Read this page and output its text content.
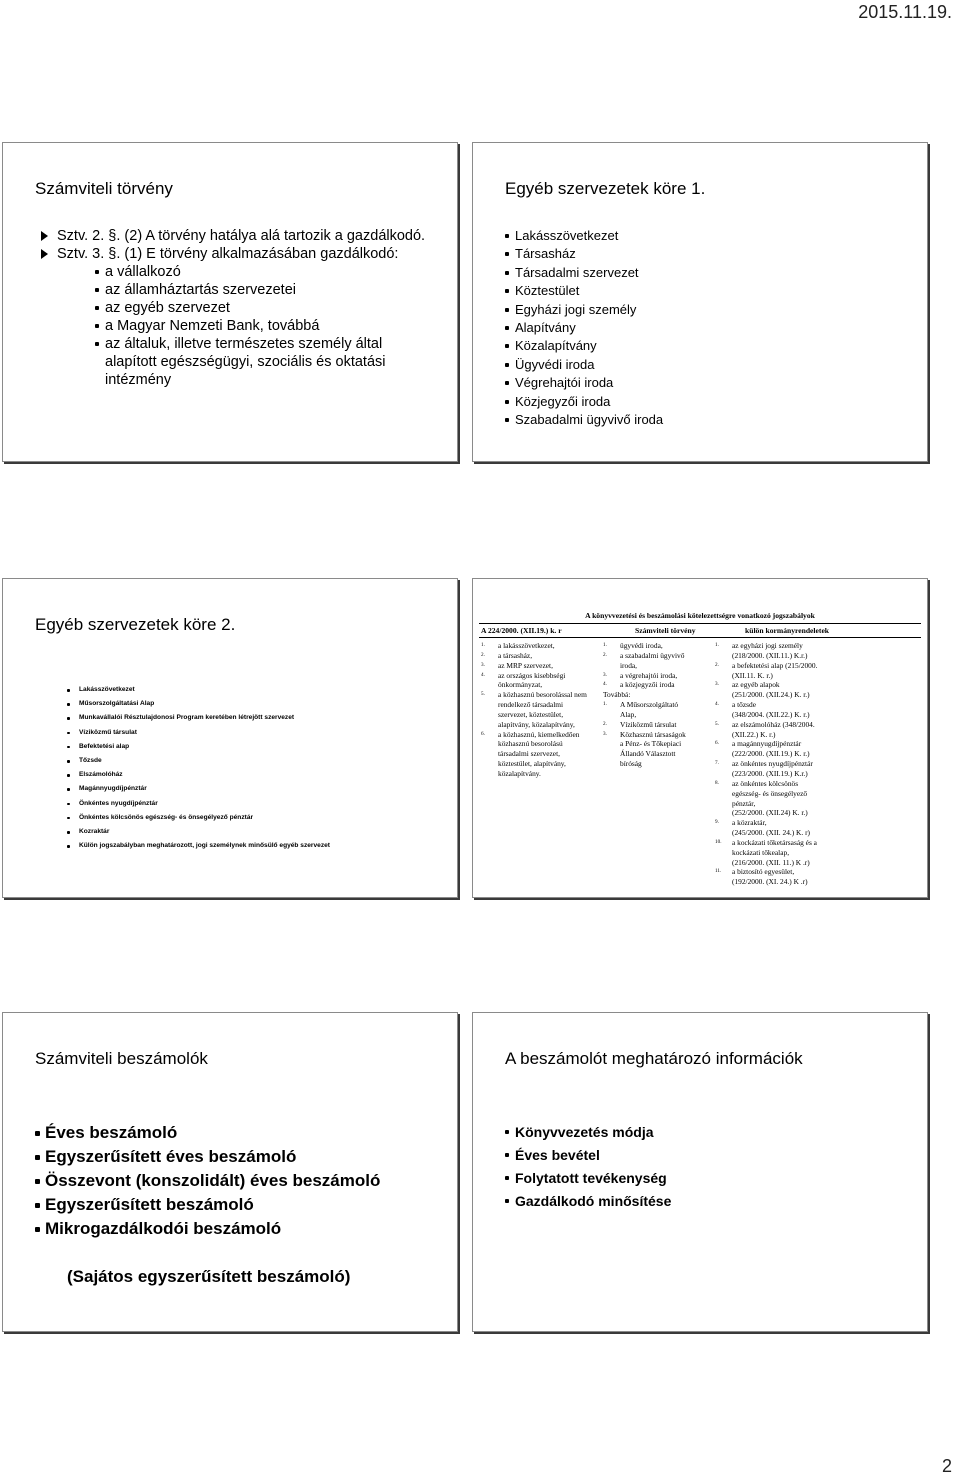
2015.11.19.
Számviteli törvény
Sztv. 2. §. (2) A törvény hatálya alá tartozik a gazdálkodó.
Sztv. 3. §. (1) E törvény alkalmazásában gazdálkodó:
a vállalkozó
az államháztartás szervezetei
az egyéb szervezet
a Magyar Nemzeti Bank, továbbá
az általuk, illetve természetes személy által alapított egészségügyi, szociális és oktatási intézmény
Egyéb szervezetek köre 1.
Lakásszövetkezet
Társasház
Társadalmi szervezet
Köztestület
Egyházi jogi személy
Alapítvány
Közalapítvány
Ügyvédi iroda
Végrehajtói iroda
Közjegyzői iroda
Szabadalmi ügyvivő iroda
Egyéb szervezetek köre 2.
Lakásszövetkezet
Műsorszolgáltatási Alap
Munkavállalói Résztulajdonosi Program keretében létrejött szervezet
Víziközmű társulat
Befektetési alap
Tőzsde
Elszámolóház
Magánnyugdíjpénztár
Önkéntes nyugdíjpénztár
Önkéntes kölcsönös egészség- és önsegélyező pénztár
Kozraktár
Külön jogszabályban meghatározott, jogi személynek minősülő egyéb szervezet
A könyvvezetési és beszámolási kötelezettségre vonatkozó jogszabályok
A 224/2000. (XII.19.) k. r	Számviteli törvény	külön kormányrendeletek
1. a lakásszövetkezet,
2. a társasház,
3. az MRP szervezet,
4. az országos kisebbségi
önkormányzat,
5. a közhasznú besorolással nem
rendelkező társadalmi
szervezet, köztestület,
alapítvány, közalapítvány,
6. a közhasznú, kiemelkedően
közhasznú besorolású
társadalmi szervezet,
köztestület, alapítvány,
közalapítvány.
1. ügyvédi iroda,
2. a szabadalmi ügyvivő
iroda,
3. a végrehajtói iroda,
4. a közjegyzői iroda
Továbbá:
1. A Műsorszolgáltató
Alap,
2. Víziközmű társulat
3. Közhasznú társaságok
a Pénz- és Tőkepiaci
Állandó Választott
bíróság
1. az egyházi jogi személy
(218/2000. (XII.11.) K.r.)
2. a befektetési alap (215/2000.
(XII.11. K. r.)
3. az egyéb alapok
(251/2000. (XII.24.) K. r.)
4. a tőzsde
(348/2004. (XII.22.) K. r.)
5. az elszámolóház (348/2004.
(XII.22.) K. r.)
6. a magánnyugdíjpénztár
(222/2000. (XII.19.) K. r.)
7. az önkéntes nyugdíjpénztár
(223/2000. (XII.19.) K.r.)
8. az önkéntes kölcsönös
egészség- és önsegélyező
pénztár,
(252/2000. (XII.24) K. r.)
9. a közraktár,
(245/2000. (XII. 24.) K. r)
10. a kockázati tőketársaság és a
kockázati tőkealap,
(216/2000. (XII. 11.) K .r)
11. a biztosító egyesület,
(192/2000. (XI. 24.) K .r)
Számviteli beszámolók
Éves beszámoló
Egyszerűsített éves beszámoló
Összevont (konszolidált) éves beszámoló
Egyszerűsített beszámoló
Mikrogazdálkodói beszámoló
(Sajátos egyszerűsített beszámoló)
A beszámolót meghatározó információk
Könyvvezetés módja
Éves bevétel
Folytatott tevékenység
Gazdálkodó minősítése
2
